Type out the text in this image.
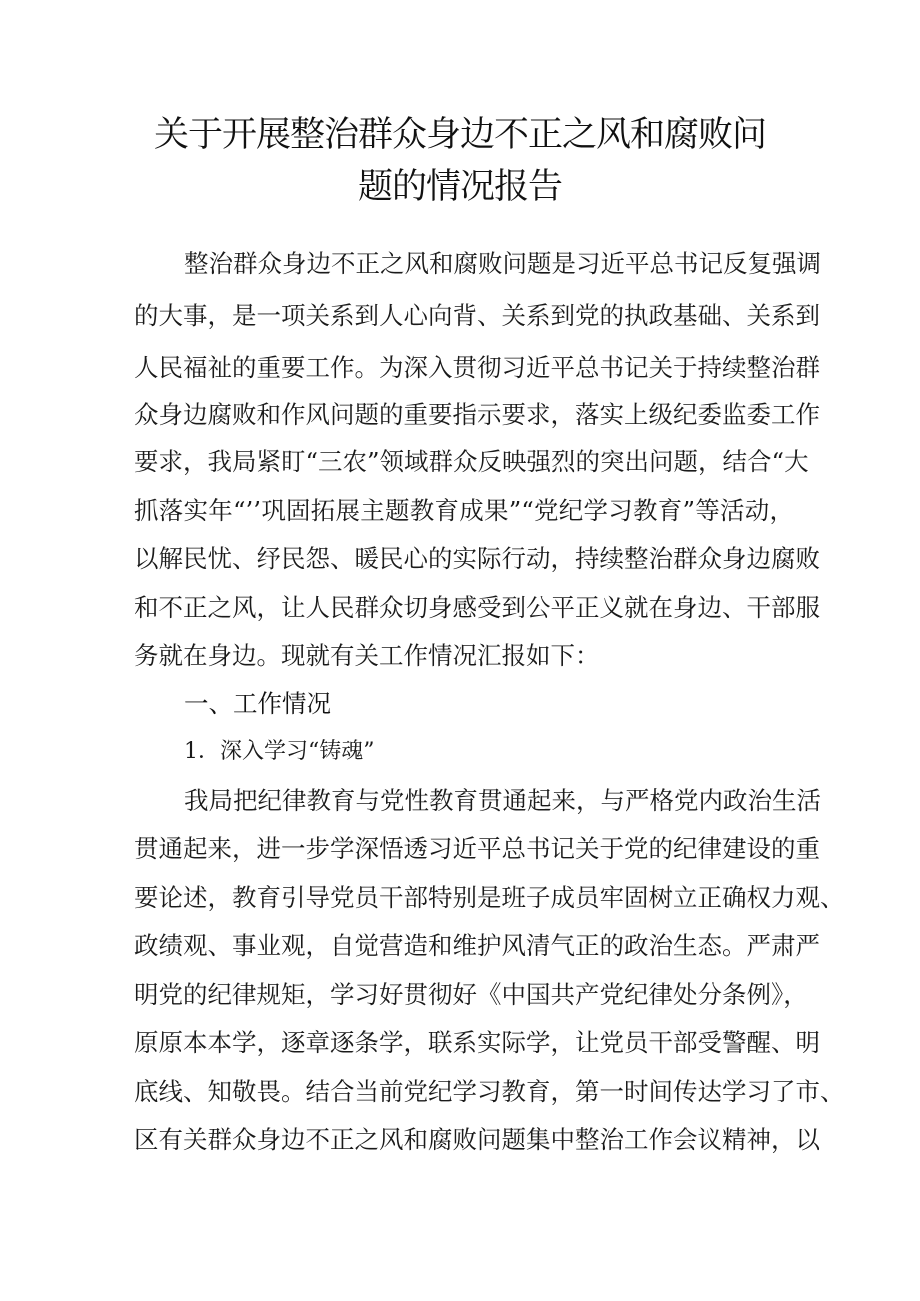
关于开展整治群众身边不正之风和腐败问
题的情况报告
整治群众身边不正之风和腐败问题是习近平总书记反复强调
的大事，是一项关系到人心向背、关系到党的执政基础、关系到
人民福祉的重要工作。为深入贯彻习近平总书记关于持续整治群
众身边腐败和作风问题的重要指示要求，落实上级纪委监委工作
要求，我局紧盯“三农”领域群众反映强烈的突出问题，结合“大
抓落实年“’’巩固拓展主题教育成果”“党纪学习教育”等活动，
以解民忧、纾民怨、暖民心的实际行动，持续整治群众身边腐败
和不正之风，让人民群众切身感受到公平正义就在身边、干部服
务就在身边。现就有关工作情况汇报如下：
一、工作情况
1．深入学习“铸魂”
我局把纪律教育与党性教育贯通起来，与严格党内政治生活
贯通起来，进一步学深悟透习近平总书记关于党的纪律建设的重
要论述，教育引导党员干部特别是班子成员牢固树立正确权力观、
政绩观、事业观，自觉营造和维护风清气正的政治生态。严肃严
明党的纪律规矩，学习好贯彻好《中国共产党纪律处分条例》，
原原本本学，逐章逐条学，联系实际学，让党员干部受警醒、明
底线、知敬畏。结合当前党纪学习教育，第一时间传达学习了市、
区有关群众身边不正之风和腐败问题集中整治工作会议精神，以
